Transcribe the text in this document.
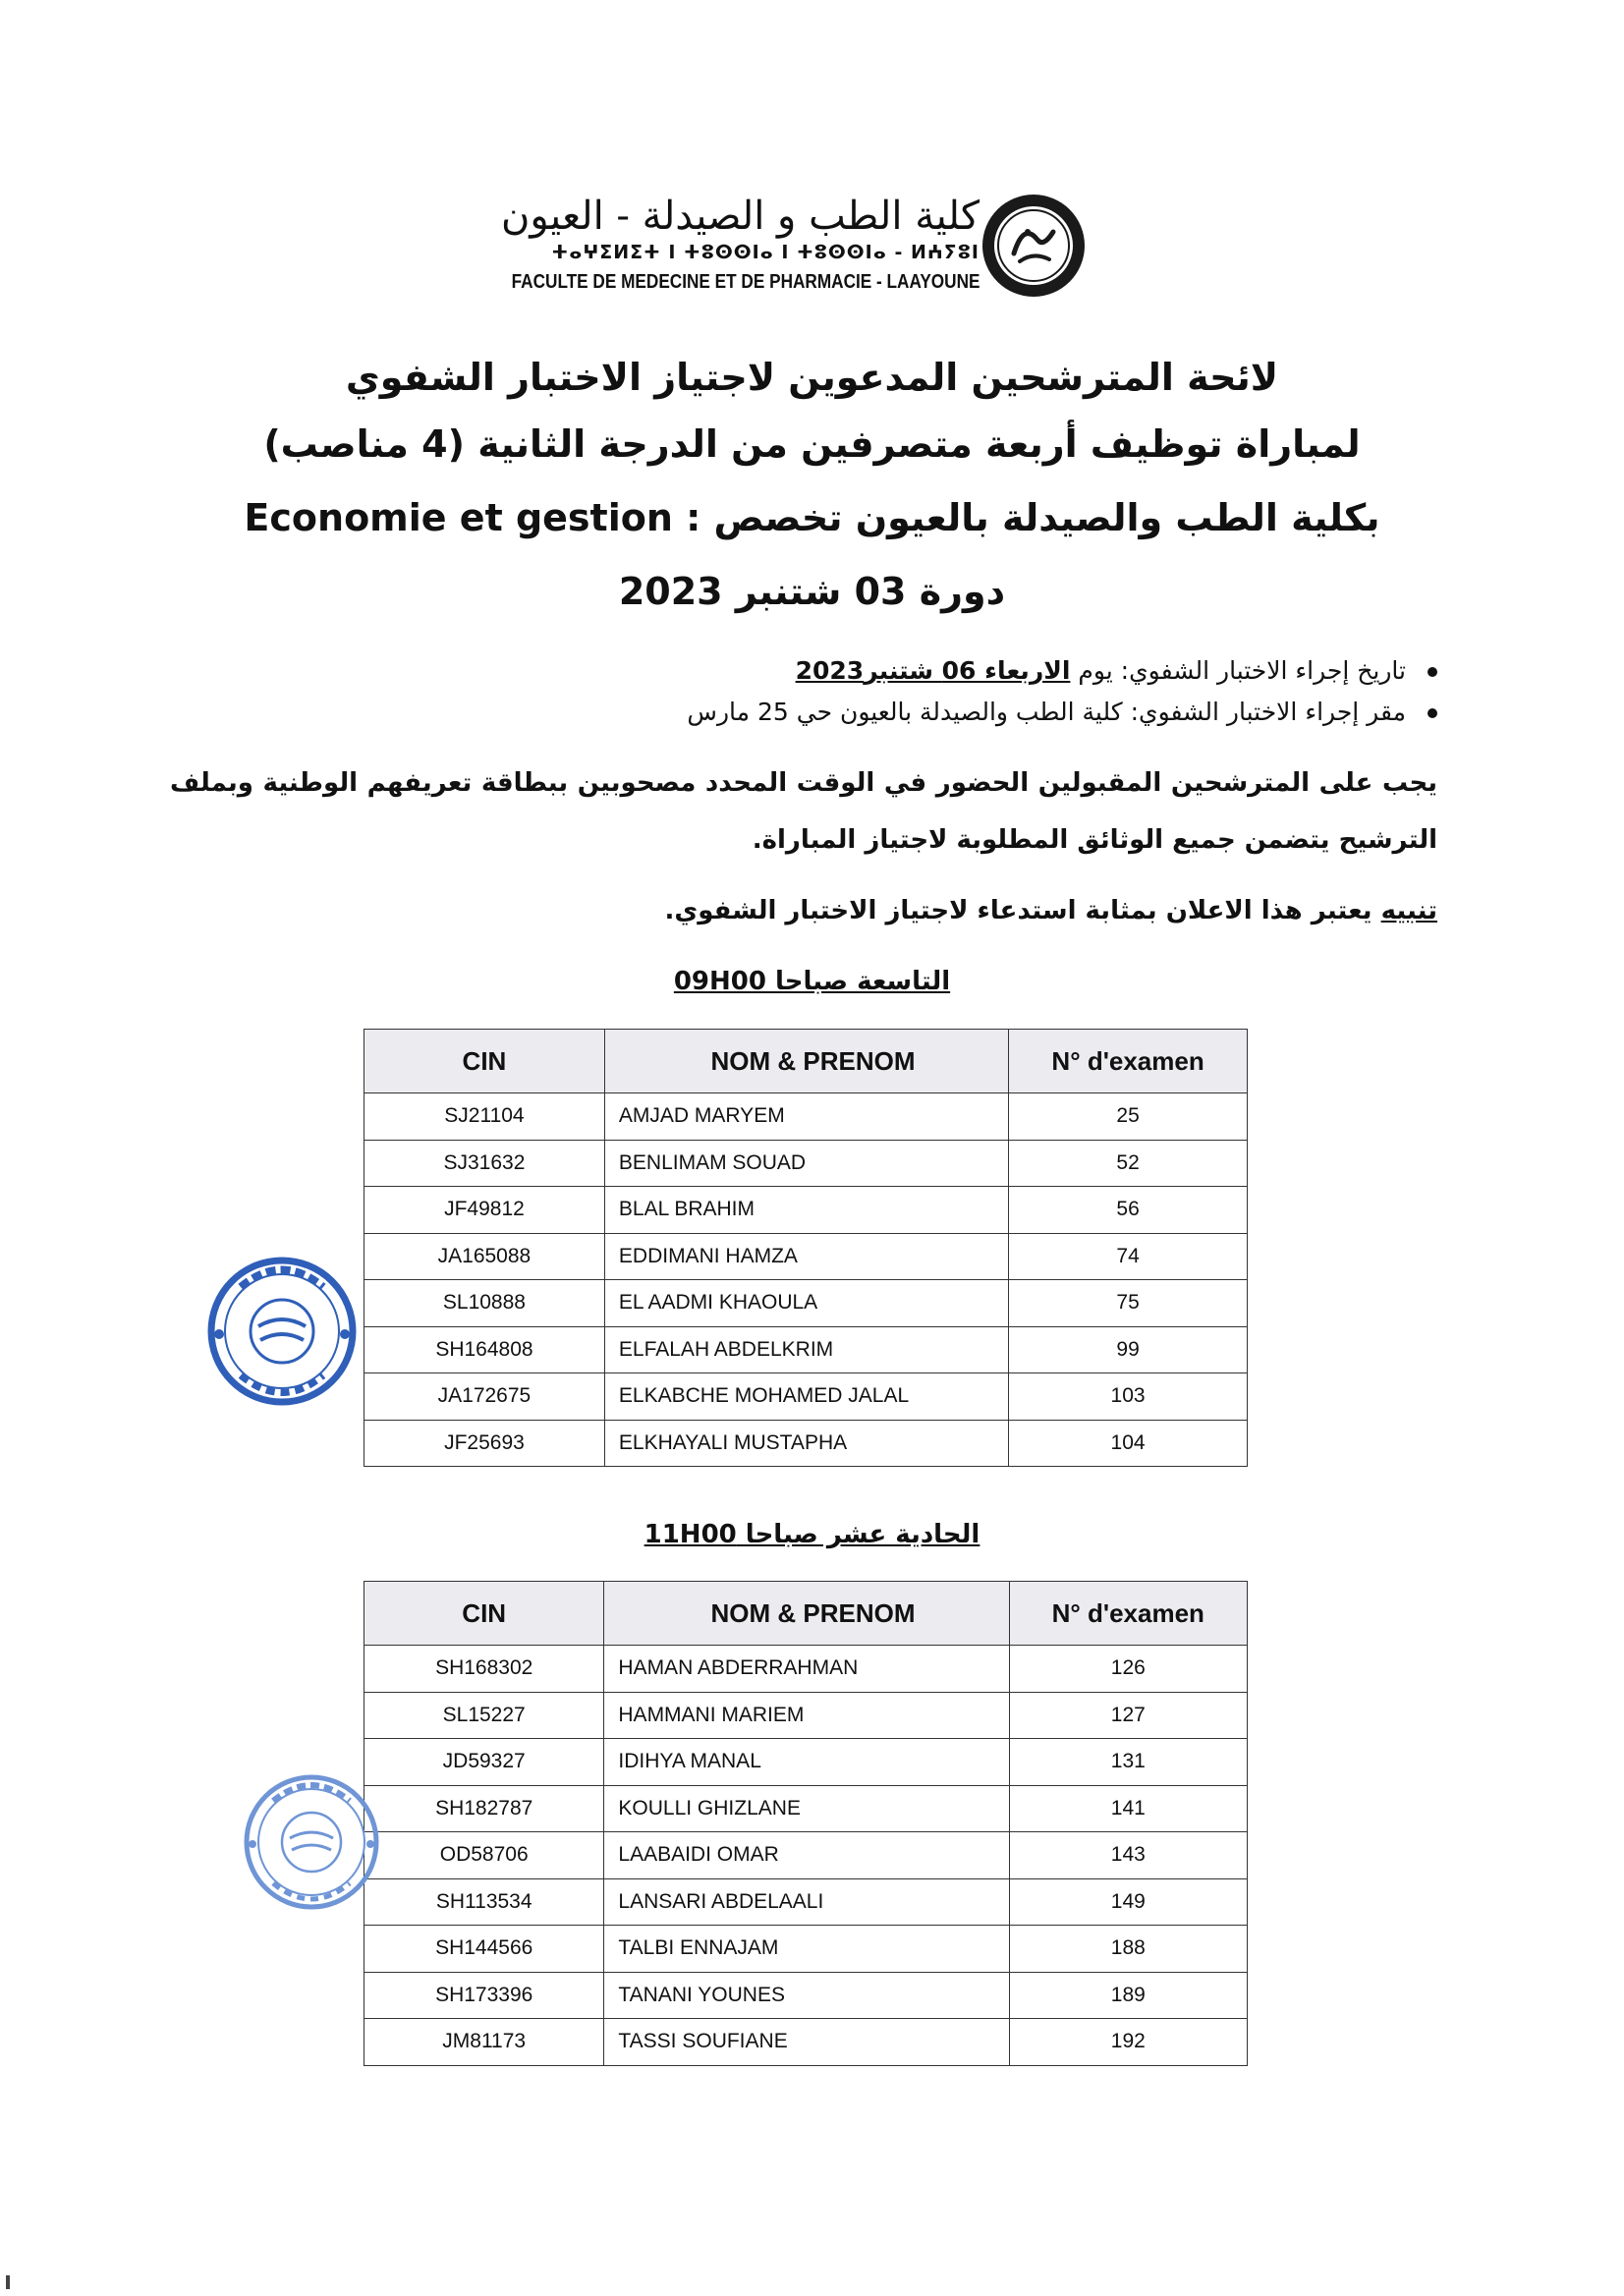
كلية الطب و الصيدلة - العيون
ⵜⴰⵖⵉⵍⵉⵜ ⵏ ⵜⵓⵙⵙⵏⴰ ⵏ ⵜⵓⵙⵙⵏⴰ - ⵍⵄⵢⵓⵏ
FACULTE DE MEDECINE ET DE PHARMACIE - LAAYOUNE
لائحة المترشحين المدعوين لاجتياز الاختبار الشفوي
لمباراة توظيف أربعة متصرفين من الدرجة الثانية (4 مناصب)
بكلية الطب والصيدلة بالعيون تخصص : Economie et gestion
دورة 03 شتنبر 2023
تاريخ إجراء الاختبار الشفوي: يوم الاربعاء 06 شتنبر2023
مقر إجراء الاختبار الشفوي: كلية الطب والصيدلة بالعيون حي 25 مارس
يجب على المترشحين المقبولين الحضور في الوقت المحدد مصحوبين ببطاقة تعريفهم الوطنية وبملف الترشيح يتضمن جميع الوثائق المطلوبة لاجتياز المباراة.
تنبيه يعتبر هذا الاعلان بمثابة استدعاء لاجتياز الاختبار الشفوي.
التاسعة صباحا 09H00
CIN	NOM & PRENOM	N° d'examen
SJ21104	AMJAD MARYEM	25
SJ31632	BENLIMAM SOUAD	52
JF49812	BLAL BRAHIM	56
JA165088	EDDIMANI HAMZA	74
SL10888	EL AADMI KHAOULA	75
SH164808	ELFALAH ABDELKRIM	99
JA172675	ELKABCHE MOHAMED JALAL	103
JF25693	ELKHAYALI MUSTAPHA	104
الحادية عشر صباحا 11H00
CIN	NOM & PRENOM	N° d'examen
SH168302	HAMAN ABDERRAHMAN	126
SL15227	HAMMANI MARIEM	127
JD59327	IDIHYA MANAL	131
SH182787	KOULLI GHIZLANE	141
OD58706	LAABAIDI OMAR	143
SH113534	LANSARI ABDELAALI	149
SH144566	TALBI ENNAJAM	188
SH173396	TANANI YOUNES	189
JM81173	TASSI SOUFIANE	192
